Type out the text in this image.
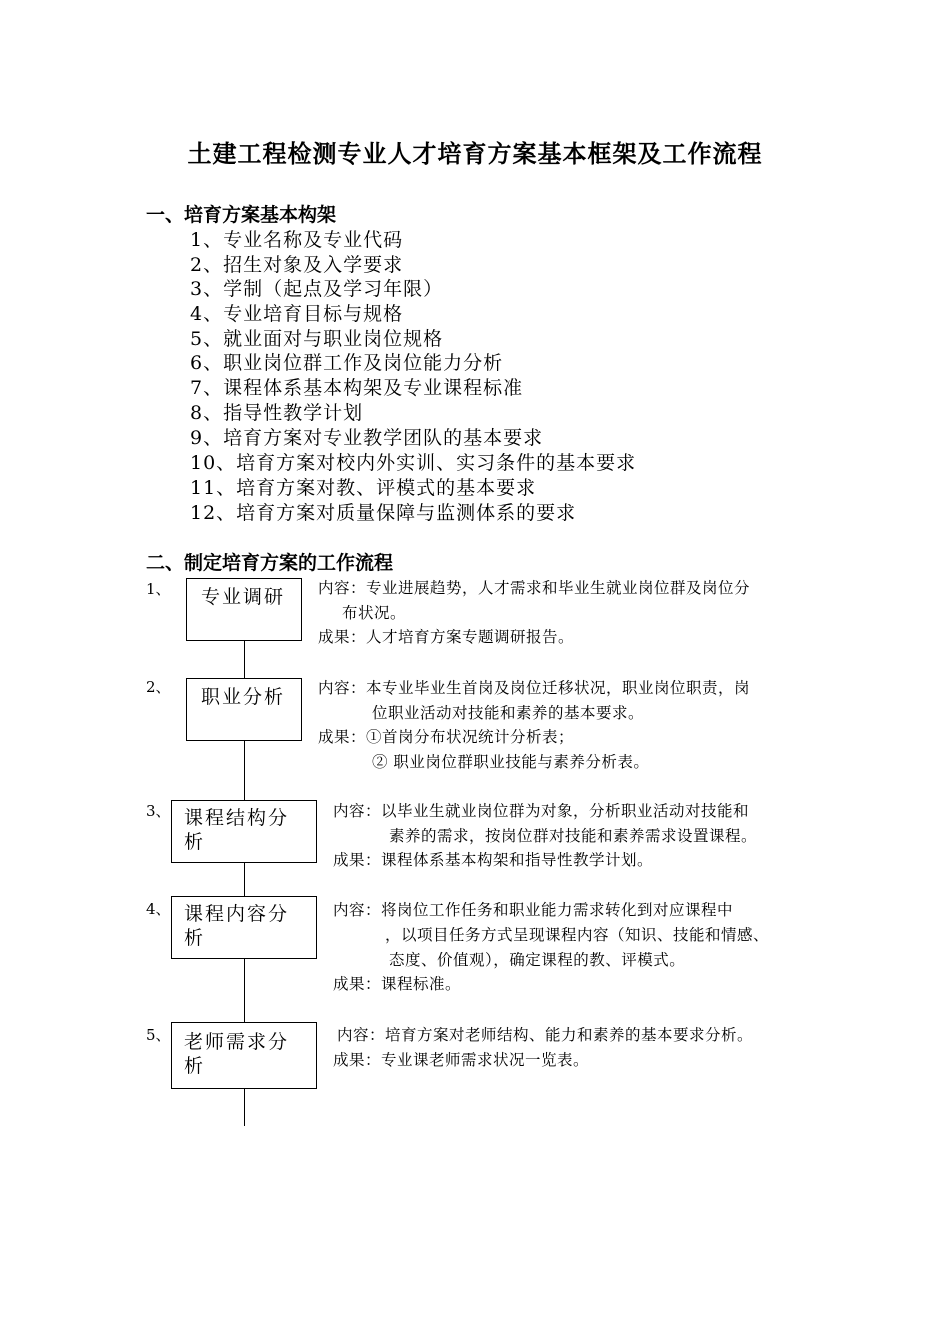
土建工程检测专业人才培育方案基本框架及工作流程
一、培育方案基本构架
1、专业名称及专业代码
2、招生对象及入学要求
3、学制（起点及学习年限）
4、专业培育目标与规格
5、就业面对与职业岗位规格
6、职业岗位群工作及岗位能力分析
7、课程体系基本构架及专业课程标准
8、指导性教学计划
9、培育方案对专业教学团队的基本要求
10、培育方案对校内外实训、实习条件的基本要求
11、培育方案对教、评模式的基本要求
12、培育方案对质量保障与监测体系的要求
二、制定培育方案的工作流程
1、 专业调研 内容：专业进展趋势，人才需求和毕业生就业岗位群及岗位分
布状况。
成果：人才培育方案专题调研报告。
2、 职业分析 内容：本专业毕业生首岗及岗位迁移状况，职业岗位职责，岗
位职业活动对技能和素养的基本要求。
成果：①首岗分布状况统计分析表；
② 职业岗位群职业技能与素养分析表。
3、 课程结构分
析
内容：以毕业生就业岗位群为对象，分析职业活动对技能和
素养的需求，按岗位群对技能和素养需求设置课程。
成果：课程体系基本构架和指导性教学计划。
4、 课程内容分
析
内容：将岗位工作任务和职业能力需求转化到对应课程中
，以项目任务方式呈现课程内容（知识、技能和情感、
态度、价值观），确定课程的教、评模式。
成果：课程标准。
5、 老师需求分
析
内容：培育方案对老师结构、能力和素养的基本要求分析。
成果：专业课老师需求状况一览表。
